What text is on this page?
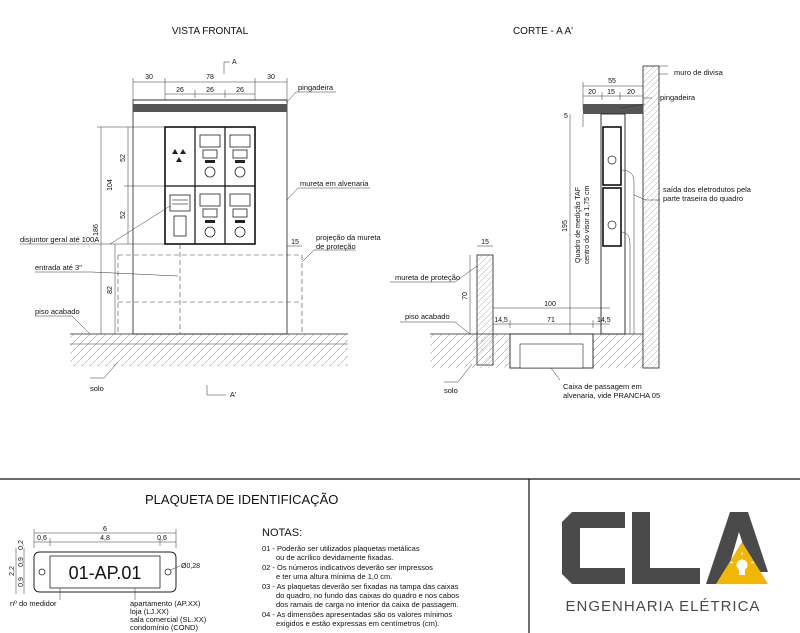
VISTA FRONTAL
A
A'
30	78	30
26	26	26
15
52
104
52
186
82
pingadeira
mureta em alvenaria
projeção da mureta
de proteção
disjuntor geral até 100A
entrada até 3"
piso acabado
solo
CORTE - A A'
muro de divisa
55
20 15 20
pingadeira
5
195 Quadro de medição TAF centro do visor a 1,75 cm	saída dos eletrodutos pela
parte traseira do quadro
15
70
mureta de proteção
100
14,5	71	14,5
piso acabado
solo	Caixa de passagem em
alvenaria, vide PRANCHA 05
PLAQUETA DE IDENTIFICAÇÃO
6
0,6	4,8	0,6
2,2
0,2
0,9
0,9 01-AP.01	Ø0,28
nº do medidor	apartamento (AP.XX)
loja (LJ.XX)
sala comercial (SL.XX)
condomínio (COND)
NOTAS:
01 - Poderão ser utilizados plaquetas metálicas
ou de acrílico devidamente fixadas.
02 - Os números indicativos deverão ser impressos
e ter uma altura mínima de 1,0 cm.
03 - As plaquetas deverão ser fixadas na tampa das caixas
do quadro, no fundo das caixas do quadro e nos cabos
dos ramais de carga no interior da caixa de passagem.
04 - As dimensões apresentadas são os valores mínimos
exigidos e estão expressas em centímetros (cm).
ENGENHARIA ELÉTRICA
